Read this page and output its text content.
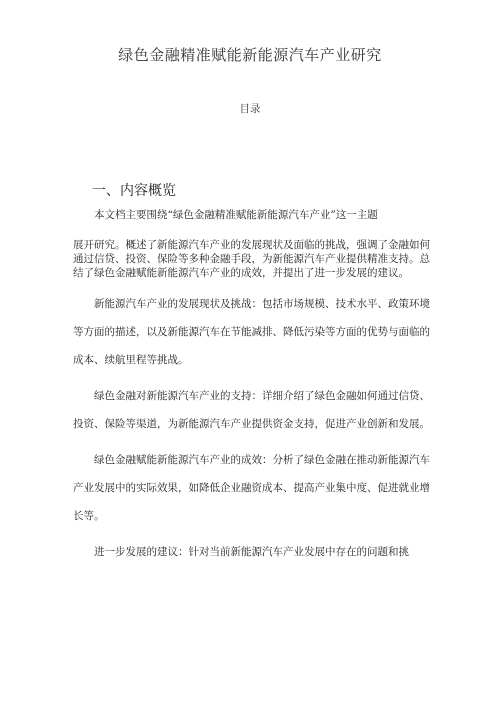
绿色金融精准赋能新能源汽车产业研究
目录
一、内容概览

本文档主要围绕“绿色金融精准赋能新能源汽车产业”这一主题

展开研究。概述了新能源汽车产业的发展现状及面临的挑战，强调了金融如何通过信贷、投资、保险等多种金融手段，为新能源汽车产业提供精准支持。总结了绿色金融赋能新能源汽车产业的成效，并提出了进一步发展的建议。

新能源汽车产业的发展现状及挑战：包括市场规模、技术水平、政策环境等方面的描述，以及新能源汽车在节能减排、降低污染等方面的优势与面临的成本、续航里程等挑战。

绿色金融对新能源汽车产业的支持：详细介绍了绿色金融如何通过信贷、投资、保险等渠道，为新能源汽车产业提供资金支持，促进产业创新和发展。

绿色金融赋能新能源汽车产业的成效：分析了绿色金融在推动新能源汽车产业发展中的实际效果，如降低企业融资成本、提高产业集中度、促进就业增长等。

进一步发展的建议：针对当前新能源汽车产业发展中存在的问题和挑
